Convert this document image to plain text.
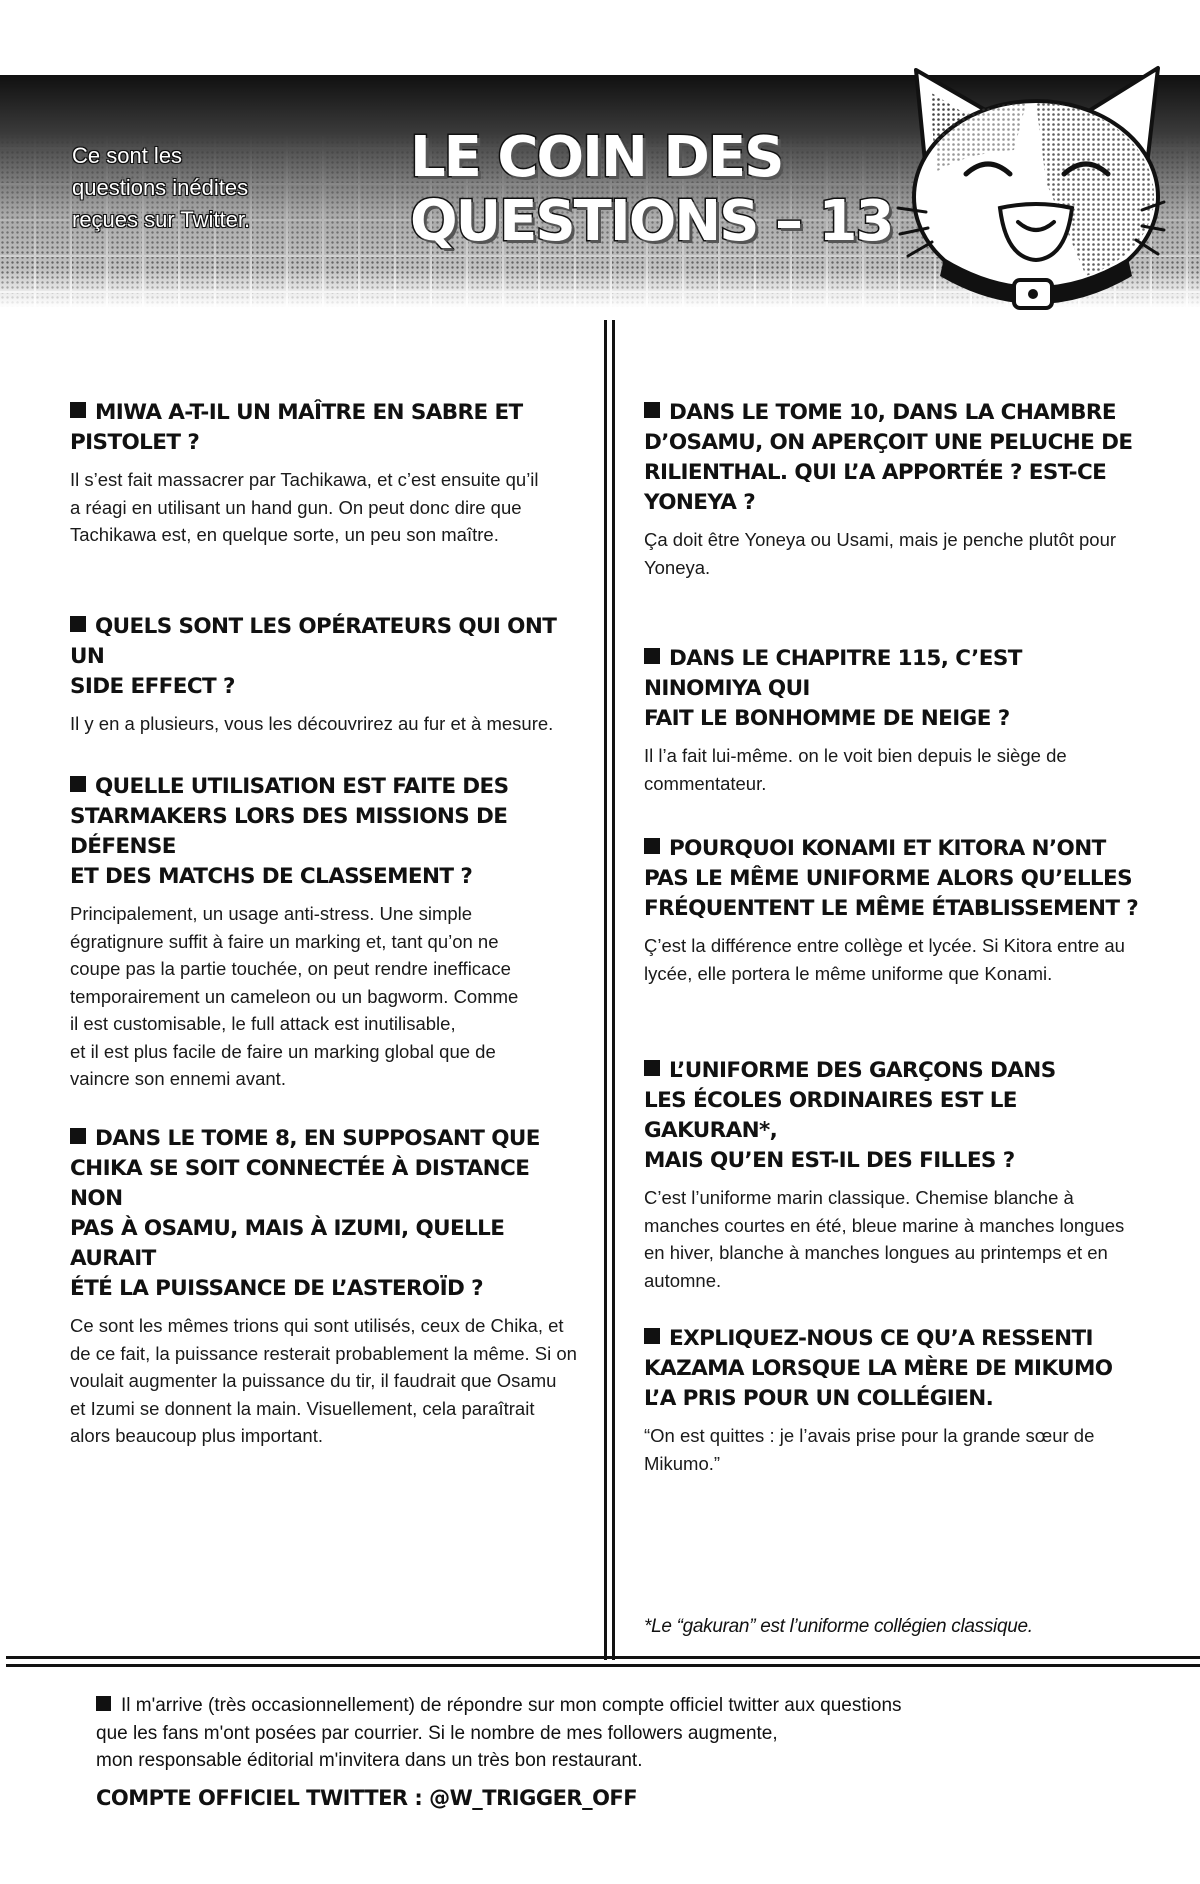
Ce sont les
questions inédites
reçues sur Twitter.

LE COIN DES
QUESTIONS – 13

MIWA A-T-IL UN MAÎTRE EN SABRE ET
PISTOLET ?

Il s’est fait massacrer par Tachikawa, et c’est ensuite qu’il
a réagi en utilisant un hand gun. On peut donc dire que
Tachikawa est, en quelque sorte, un peu son maître.

QUELS SONT LES OPÉRATEURS QUI ONT UN
SIDE EFFECT ?

Il y en a plusieurs, vous les découvrirez au fur et à mesure.

QUELLE UTILISATION EST FAITE DES
STARMAKERS LORS DES MISSIONS DE DÉFENSE
ET DES MATCHS DE CLASSEMENT ?

Principalement, un usage anti-stress. Une simple
égratignure suffit à faire un marking et, tant qu’on ne
coupe pas la partie touchée, on peut rendre inefficace
temporairement un cameleon ou un bagworm. Comme
il est customisable, le full attack est inutilisable,
et il est plus facile de faire un marking global que de
vaincre son ennemi avant.

DANS LE TOME 8, EN SUPPOSANT QUE
CHIKA SE SOIT CONNECTÉE À DISTANCE NON
PAS À OSAMU, MAIS À IZUMI, QUELLE AURAIT
ÉTÉ LA PUISSANCE DE L’ASTEROÏD ?

Ce sont les mêmes trions qui sont utilisés, ceux de Chika, et
de ce fait, la puissance resterait probablement la même. Si on
voulait augmenter la puissance du tir, il faudrait que Osamu
et Izumi se donnent la main. Visuellement, cela paraîtrait
alors beaucoup plus important.

DANS LE TOME 10, DANS LA CHAMBRE
D’OSAMU, ON APERÇOIT UNE PELUCHE DE
RILIENTHAL. QUI L’A APPORTÉE ? EST-CE
YONEYA ?

Ça doit être Yoneya ou Usami, mais je penche plutôt pour
Yoneya.

DANS LE CHAPITRE 115, C’EST NINOMIYA QUI
FAIT LE BONHOMME DE NEIGE ?

Il l’a fait lui-même. on le voit bien depuis le siège de
commentateur.

POURQUOI KONAMI ET KITORA N’ONT
PAS LE MÊME UNIFORME ALORS QU’ELLES
FRÉQUENTENT LE MÊME ÉTABLISSEMENT ?

Ç’est la différence entre collège et lycée. Si Kitora entre au
lycée, elle portera le même uniforme que Konami.

L’UNIFORME DES GARÇONS DANS
LES ÉCOLES ORDINAIRES EST LE GAKURAN*,
MAIS QU’EN EST-IL DES FILLES ?

C’est l’uniforme marin classique. Chemise blanche à
manches courtes en été, bleue marine à manches longues
en hiver, blanche à manches longues au printemps et en
automne.

EXPLIQUEZ-NOUS CE QU’A RESSENTI
KAZAMA LORSQUE LA MÈRE DE MIKUMO
L’A PRIS POUR UN COLLÉGIEN.

“On est quittes : je l’avais prise pour la grande sœur de
Mikumo.”

*Le “gakuran” est l’uniforme collégien classique.

Il m'arrive (très occasionnellement) de répondre sur mon compte officiel twitter aux questions
que les fans m'ont posées par courrier. Si le nombre de mes followers augmente,
mon responsable éditorial m'invitera dans un très bon restaurant.

COMPTE OFFICIEL TWITTER : @W_TRIGGER_OFF
